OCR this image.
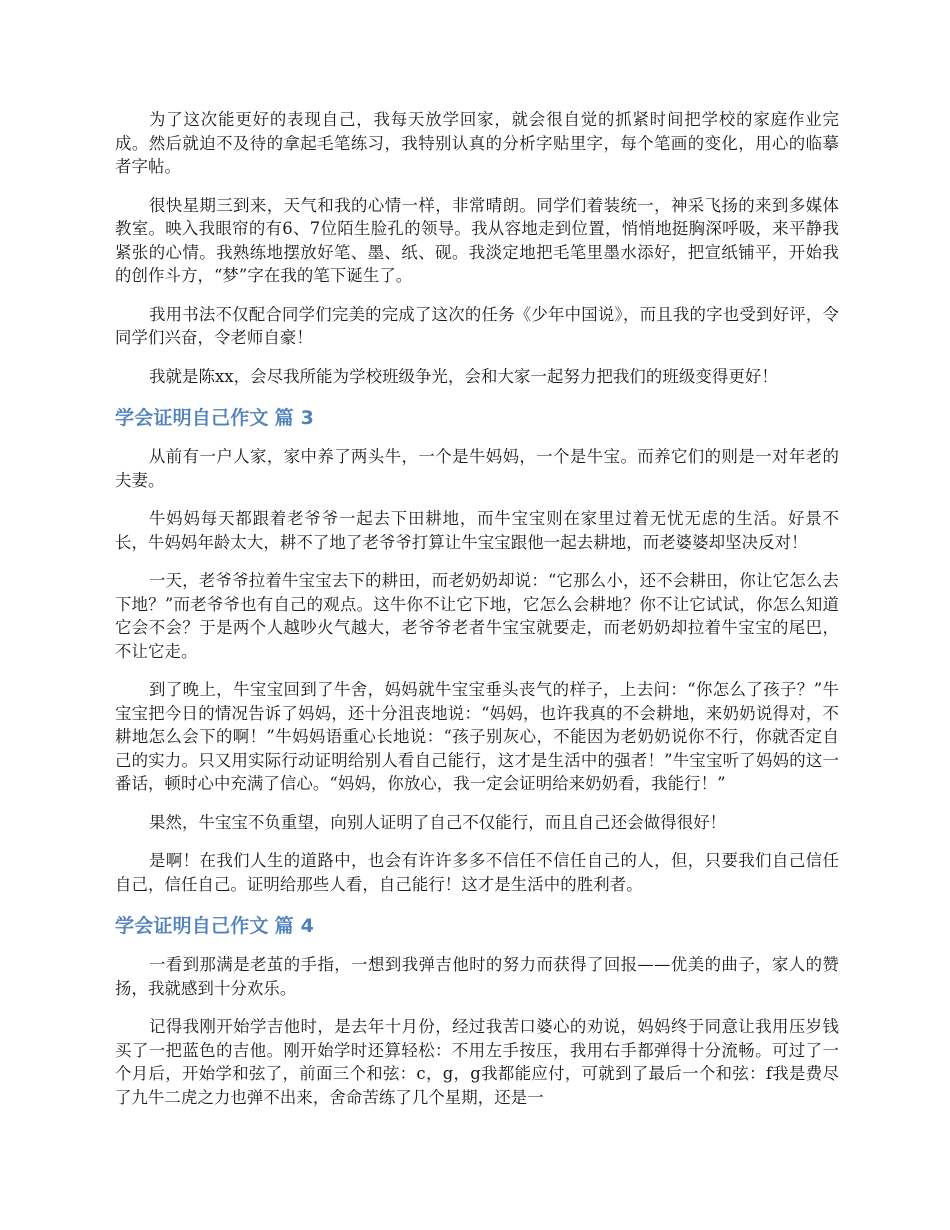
为了这次能更好的表现自己，我每天放学回家，就会很自觉的抓紧时间把学校的家庭作业完成。然后就迫不及待的拿起毛笔练习，我特别认真的分析字贴里字，每个笔画的变化，用心的临摹者字帖。

很快星期三到来，天气和我的心情一样，非常晴朗。同学们着装统一，神采飞扬的来到多媒体教室。映入我眼帘的有6、7位陌生脸孔的领导。我从容地走到位置，悄悄地挺胸深呼吸，来平静我紧张的心情。我熟练地摆放好笔、墨、纸、砚。我淡定地把毛笔里墨水添好，把宣纸铺平，开始我的创作斗方，“梦”字在我的笔下诞生了。

我用书法不仅配合同学们完美的完成了这次的任务《少年中国说》，而且我的字也受到好评，令同学们兴奋，令老师自豪！

我就是陈xx，会尽我所能为学校班级争光，会和大家一起努力把我们的班级变得更好！

学会证明自己作文 篇 3

从前有一户人家，家中养了两头牛，一个是牛妈妈，一个是牛宝。而养它们的则是一对年老的夫妻。

牛妈妈每天都跟着老爷爷一起去下田耕地，而牛宝宝则在家里过着无忧无虑的生活。好景不长，牛妈妈年龄太大，耕不了地了老爷爷打算让牛宝宝跟他一起去耕地，而老婆婆却坚决反对！

一天，老爷爷拉着牛宝宝去下的耕田，而老奶奶却说：“它那么小，还不会耕田，你让它怎么去下地？”而老爷爷也有自己的观点。这牛你不让它下地，它怎么会耕地？你不让它试试，你怎么知道它会不会？于是两个人越吵火气越大，老爷爷老者牛宝宝就要走，而老奶奶却拉着牛宝宝的尾巴，不让它走。

到了晚上，牛宝宝回到了牛舍，妈妈就牛宝宝垂头丧气的样子，上去问：“你怎么了孩子？”牛宝宝把今日的情况告诉了妈妈，还十分沮丧地说：“妈妈，也许我真的不会耕地，来奶奶说得对，不耕地怎么会下的啊！”牛妈妈语重心长地说：“孩子别灰心，不能因为老奶奶说你不行，你就否定自己的实力。只又用实际行动证明给别人看自己能行，这才是生活中的强者！”牛宝宝听了妈妈的这一番话，顿时心中充满了信心。“妈妈，你放心，我一定会证明给来奶奶看，我能行！”

果然，牛宝宝不负重望，向别人证明了自己不仅能行，而且自己还会做得很好！

是啊！在我们人生的道路中，也会有许许多多不信任不信任自己的人，但，只要我们自己信任自己，信任自己。证明给那些人看，自己能行！这才是生活中的胜利者。

学会证明自己作文 篇 4

一看到那满是老茧的手指，一想到我弹吉他时的努力而获得了回报——优美的曲子，家人的赞扬，我就感到十分欢乐。

记得我刚开始学吉他时，是去年十月份，经过我苦口婆心的劝说，妈妈终于同意让我用压岁钱买了一把蓝色的吉他。刚开始学时还算轻松：不用左手按压，我用右手都弹得十分流畅。可过了一个月后，开始学和弦了，前面三个和弦：c，g，g我都能应付，可就到了最后一个和弦：f我是费尽了九牛二虎之力也弹不出来，舍命苦练了几个星期，还是一
